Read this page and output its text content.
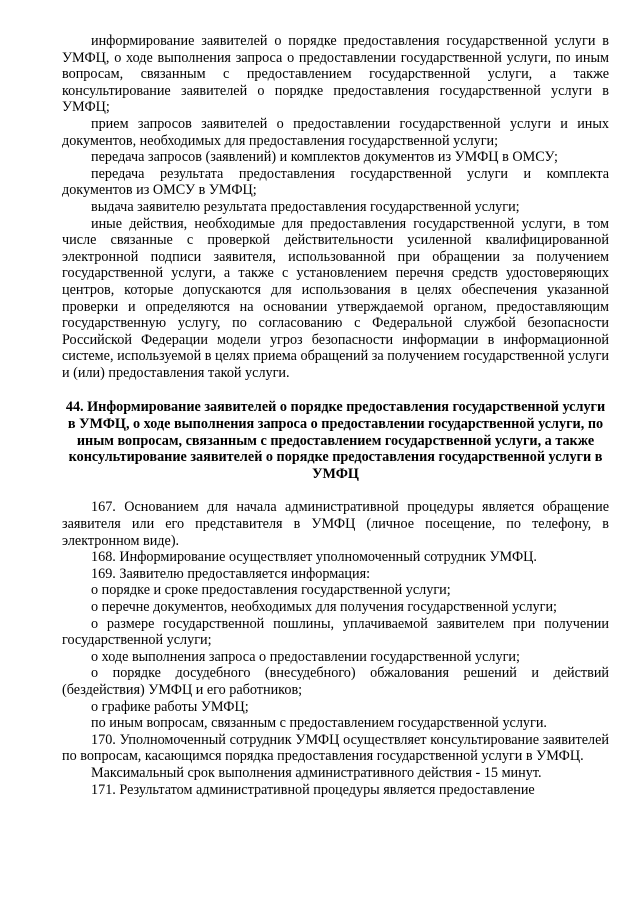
информирование заявителей о порядке предоставления государственной услуги в УМФЦ, о ходе выполнения запроса о предоставлении государственной услуги, по иным вопросам, связанным с предоставлением государственной услуги, а также консультирование заявителей о порядке предоставления государственной услуги в УМФЦ;

прием запросов заявителей о предоставлении государственной услуги и иных документов, необходимых для предоставления государственной услуги;

передача запросов (заявлений) и комплектов документов из УМФЦ в ОМСУ;

передача результата предоставления государственной услуги и комплекта документов из ОМСУ в УМФЦ;

выдача заявителю результата предоставления государственной услуги;

иные действия, необходимые для предоставления государственной услуги, в том числе связанные с проверкой действительности усиленной квалифицированной электронной подписи заявителя, использованной при обращении за получением государственной услуги, а также с установлением перечня средств удостоверяющих центров, которые допускаются для использования в целях обеспечения указанной проверки и определяются на основании утверждаемой органом, предоставляющим государственную услугу, по согласованию с Федеральной службой безопасности Российской Федерации модели угроз безопасности информации в информационной системе, используемой в целях приема обращений за получением государственной услуги и (или) предоставления такой услуги.

44. Информирование заявителей о порядке предоставления государственной услуги в УМФЦ, о ходе выполнения запроса о предоставлении государственной услуги, по иным вопросам, связанным с предоставлением государственной услуги, а также консультирование заявителей о порядке предоставления государственной услуги в УМФЦ

167. Основанием для начала административной процедуры является обращение заявителя или его представителя в УМФЦ (личное посещение, по телефону, в электронном виде).

168. Информирование осуществляет уполномоченный сотрудник УМФЦ.

169. Заявителю предоставляется информация:

о порядке и сроке предоставления государственной услуги;

о перечне документов, необходимых для получения государственной услуги;

о размере государственной пошлины, уплачиваемой заявителем при получении государственной услуги;

о ходе выполнения запроса о предоставлении государственной услуги;

о порядке досудебного (внесудебного) обжалования решений и действий (бездействия) УМФЦ и его работников;

о графике работы УМФЦ;

по иным вопросам, связанным с предоставлением государственной услуги.

170. Уполномоченный сотрудник УМФЦ осуществляет консультирование заявителей по вопросам, касающимся порядка предоставления государственной услуги в УМФЦ.

Максимальный срок выполнения административного действия - 15 минут.

171. Результатом административной процедуры является предоставление
